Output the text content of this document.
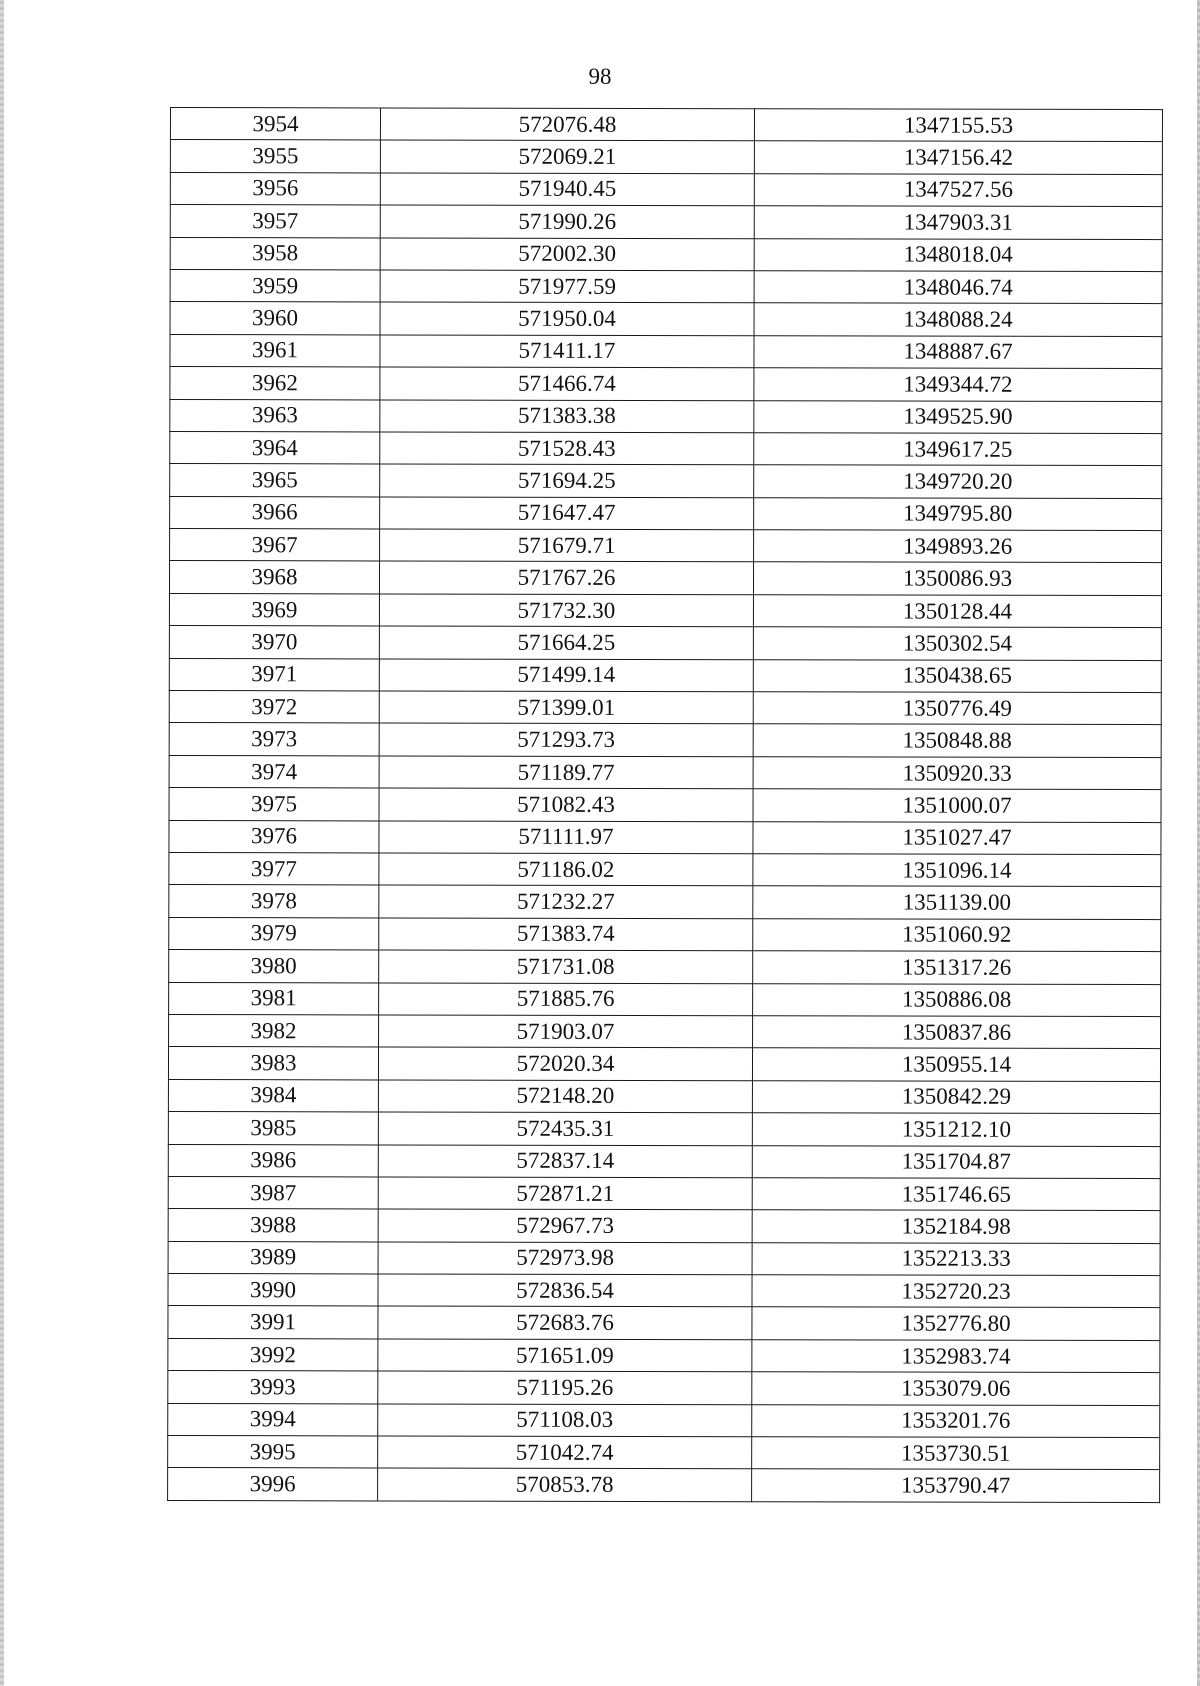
98
3954	572076.48	1347155.53
3955	572069.21	1347156.42
3956	571940.45	1347527.56
3957	571990.26	1347903.31
3958	572002.30	1348018.04
3959	571977.59	1348046.74
3960	571950.04	1348088.24
3961	571411.17	1348887.67
3962	571466.74	1349344.72
3963	571383.38	1349525.90
3964	571528.43	1349617.25
3965	571694.25	1349720.20
3966	571647.47	1349795.80
3967	571679.71	1349893.26
3968	571767.26	1350086.93
3969	571732.30	1350128.44
3970	571664.25	1350302.54
3971	571499.14	1350438.65
3972	571399.01	1350776.49
3973	571293.73	1350848.88
3974	571189.77	1350920.33
3975	571082.43	1351000.07
3976	571111.97	1351027.47
3977	571186.02	1351096.14
3978	571232.27	1351139.00
3979	571383.74	1351060.92
3980	571731.08	1351317.26
3981	571885.76	1350886.08
3982	571903.07	1350837.86
3983	572020.34	1350955.14
3984	572148.20	1350842.29
3985	572435.31	1351212.10
3986	572837.14	1351704.87
3987	572871.21	1351746.65
3988	572967.73	1352184.98
3989	572973.98	1352213.33
3990	572836.54	1352720.23
3991	572683.76	1352776.80
3992	571651.09	1352983.74
3993	571195.26	1353079.06
3994	571108.03	1353201.76
3995	571042.74	1353730.51
3996	570853.78	1353790.47
